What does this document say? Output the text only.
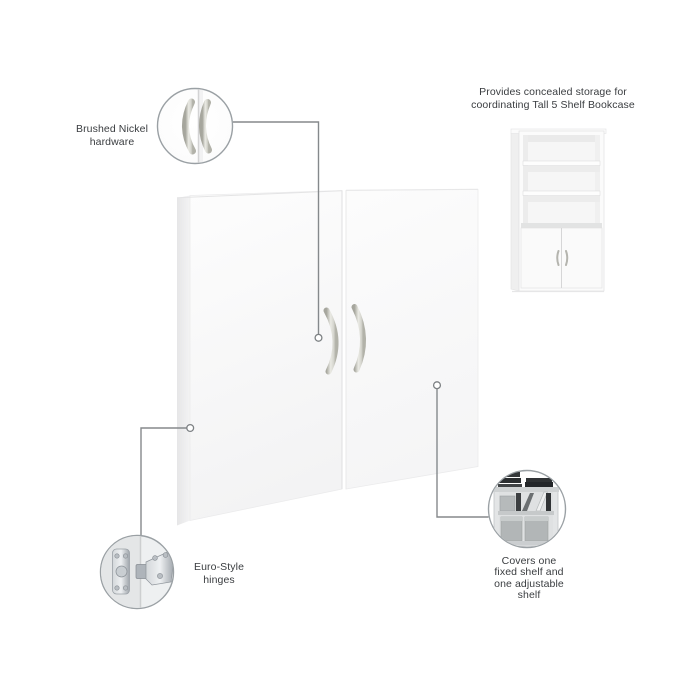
Brushed Nickel
hardware
Provides concealed storage for
coordinating Tall 5 Shelf Bookcase
Euro-Style
hinges
Covers one
fixed shelf and
one adjustable
shelf
